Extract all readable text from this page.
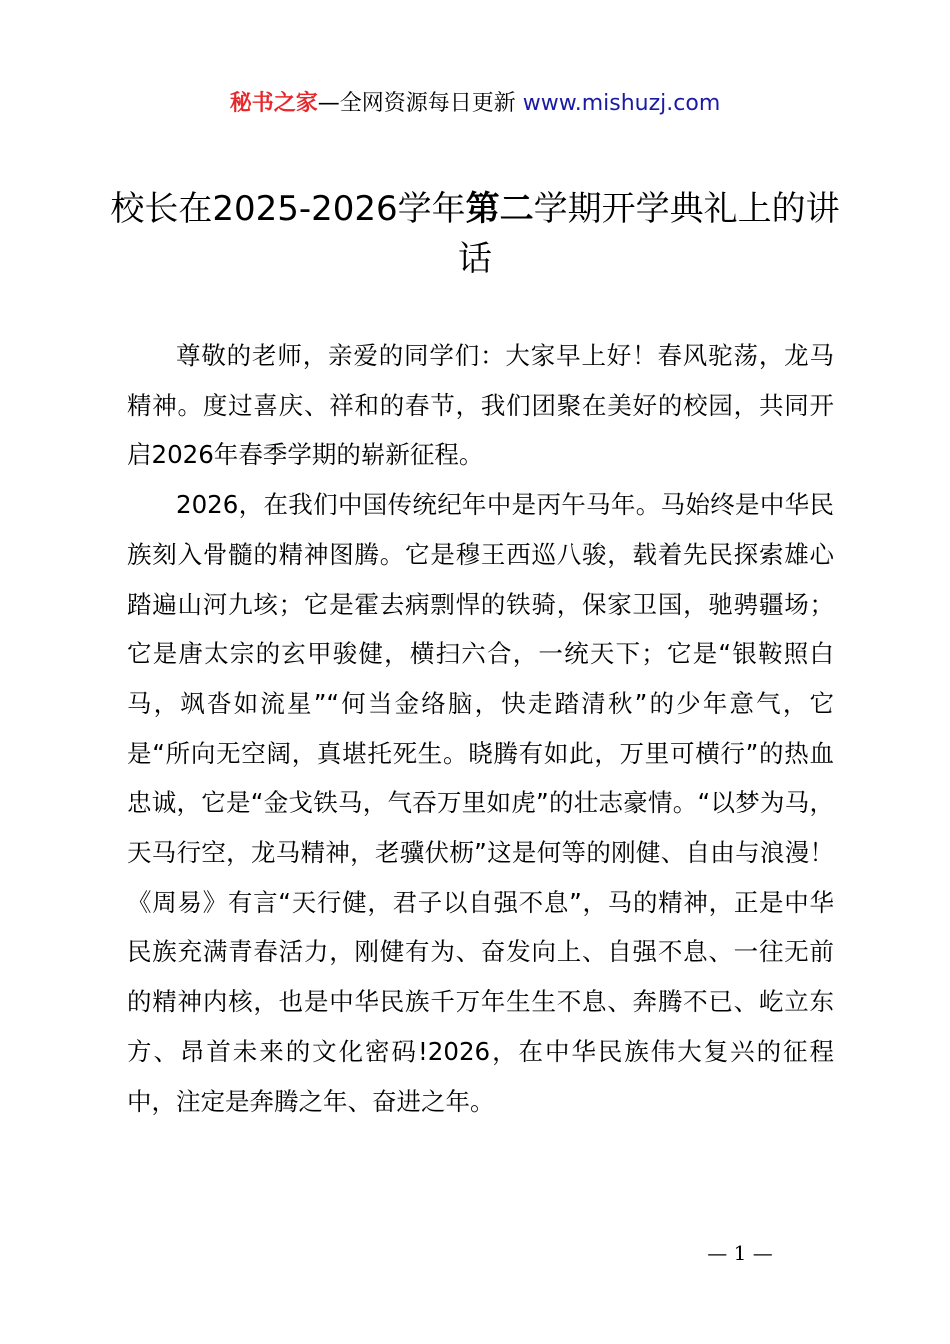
秘书之家—全网资源每日更新 www.mishuzj.com
校长在2025-2026学年第二学期开学典礼上的讲话

尊敬的老师，亲爱的同学们：大家早上好！春风驼荡，龙马精神。度过喜庆、祥和的春节，我们团聚在美好的校园，共同开启2026年春季学期的崭新征程。

2026，在我们中国传统纪年中是丙午马年。马始终是中华民族刻入骨髓的精神图腾。它是穆王西巡八骏，载着先民探索雄心踏遍山河九垓；它是霍去病剽悍的铁骑，保家卫国，驰骋疆场；它是唐太宗的玄甲骏健，横扫六合，一统天下；它是“银鞍照白马，飒沓如流星”“何当金络脑，快走踏清秋”的少年意气，它是“所向无空阔，真堪托死生。晓腾有如此，万里可横行”的热血忠诚，它是“金戈铁马，气吞万里如虎”的壮志豪情。“以梦为马，天马行空，龙马精神，老骥伏枥”这是何等的刚健、自由与浪漫！《周易》有言“天行健，君子以自强不息”，马的精神，正是中华民族充满青春活力，刚健有为、奋发向上、自强不息、一往无前的精神内核，也是中华民族千万年生生不息、奔腾不已、屹立东方、昂首未来的文化密码!2026，在中华民族伟大复兴的征程中，注定是奔腾之年、奋进之年。

— 1 —
